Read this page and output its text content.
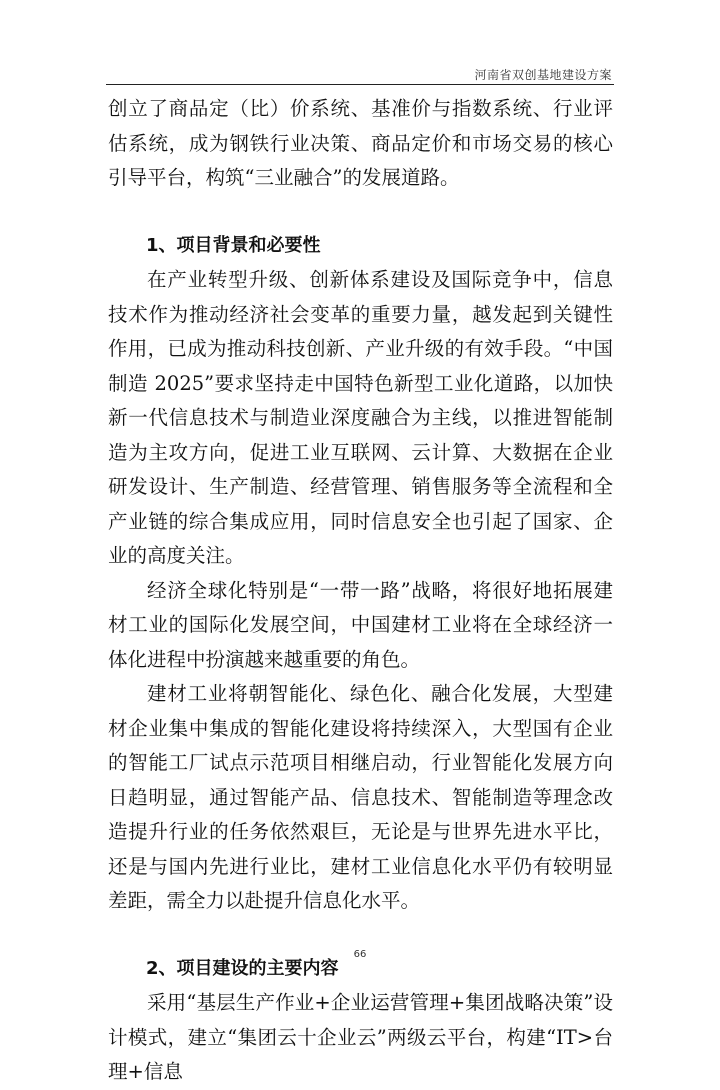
河南省双创基地建设方案

创立了商品定（比）价系统、基准价与指数系统、行业评估系统，成为钢铁行业决策、商品定价和市场交易的核心引导平台，构筑“三业融合”的发展道路。

1、项目背景和必要性

在产业转型升级、创新体系建设及国际竞争中，信息技术作为推动经济社会变革的重要力量，越发起到关键性作用，已成为推动科技创新、产业升级的有效手段。“中国制造 2025”要求坚持走中国特色新型工业化道路，以加快新一代信息技术与制造业深度融合为主线，以推进智能制造为主攻方向，促进工业互联网、云计算、大数据在企业研发设计、生产制造、经营管理、销售服务等全流程和全产业链的综合集成应用，同时信息安全也引起了国家、企业的高度关注。

经济全球化特别是“一带一路”战略，将很好地拓展建材工业的国际化发展空间，中国建材工业将在全球经济一体化进程中扮演越来越重要的角色。

建材工业将朝智能化、绿色化、融合化发展，大型建材企业集中集成的智能化建设将持续深入，大型国有企业的智能工厂试点示范项目相继启动，行业智能化发展方向日趋明显，通过智能产品、信息技术、智能制造等理念改造提升行业的任务依然艰巨，无论是与世界先进水平比，还是与国内先进行业比，建材工业信息化水平仍有较明显差距，需全力以赴提升信息化水平。

2、项目建设的主要内容

采用“基层生产作业+企业运营管理+集团战略决策”设计模式，建立“集团云十企业云”两级云平台，构建“IT>台理+信息

66
